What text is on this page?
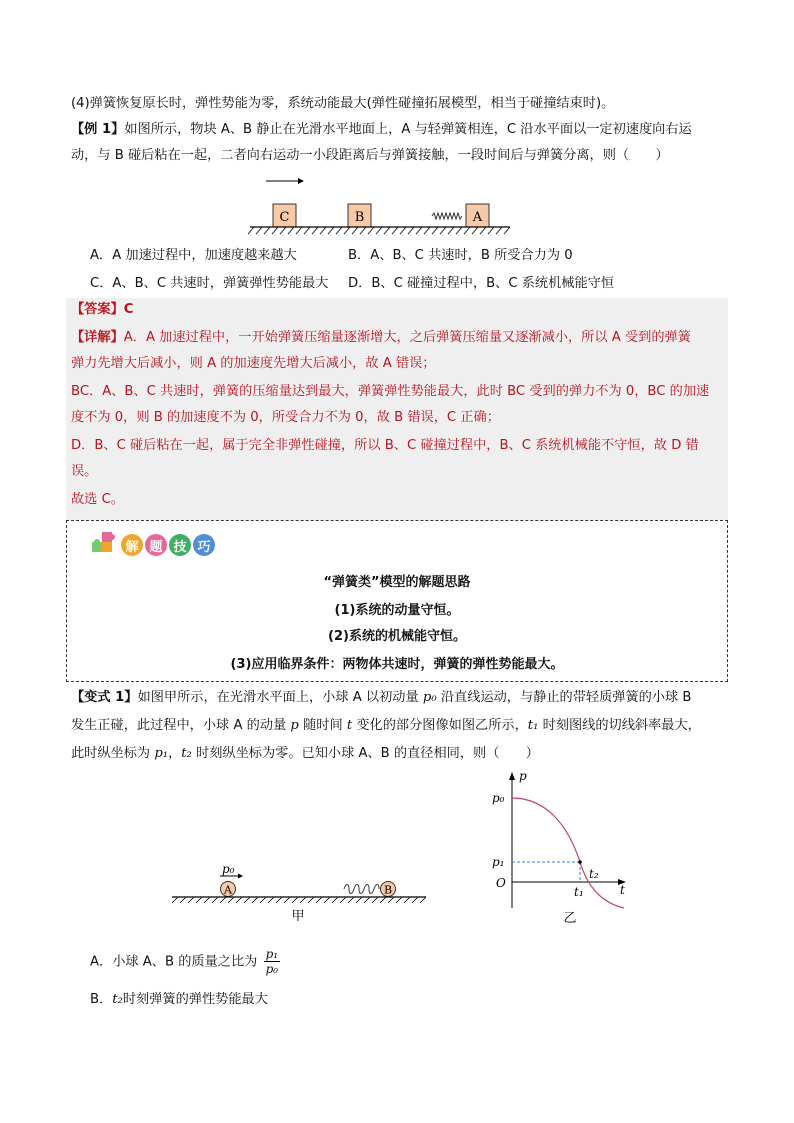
(4)弹簧恢复原长时，弹性势能为零，系统动能最大(弹性碰撞拓展模型，相当于碰撞结束时)。
【例 1】如图所示，物块 A、B 静止在光滑水平地面上，A 与轻弹簧相连，C 沿水平面以一定初速度向右运
动，与 B 碰后粘在一起，二者向右运动一小段距离后与弹簧接触，一段时间后与弹簧分离，则（　　）
C	B	A
A．A 加速过程中，加速度越来越大	B．A、B、C 共速时，B 所受合力为 0
C．A、B、C 共速时，弹簧弹性势能最大 D．B、C 碰撞过程中，B、C 系统机械能守恒
【答案】C
【详解】A．A 加速过程中，一开始弹簧压缩量逐渐增大，之后弹簧压缩量又逐渐减小，所以 A 受到的弹簧
弹力先增大后减小，则 A 的加速度先增大后减小，故 A 错误；
BC．A、B、C 共速时，弹簧的压缩量达到最大，弹簧弹性势能最大，此时 BC 受到的弹力不为 0，BC 的加速
度不为 0，则 B 的加速度不为 0，所受合力不为 0，故 B 错误，C 正确；
D．B、C 碰后粘在一起，属于完全非弹性碰撞，所以 B、C 碰撞过程中，B、C 系统机械能不守恒，故 D 错
误。
故选 C。
解 题 技 巧
“弹簧类”模型的解题思路
(1)系统的动量守恒。
(2)系统的机械能守恒。
(3)应用临界条件：两物体共速时，弹簧的弹性势能最大。
【变式 1】如图甲所示，在光滑水平面上，小球 A 以初动量 p₀ 沿直线运动，与静止的带轻质弹簧的小球 B
发生正碰，此过程中，小球 A 的动量 p 随时间 t 变化的部分图像如图乙所示，t₁ 时刻图线的切线斜率最大，
此时纵坐标为 p₁，t₂ 时刻纵坐标为零。已知小球 A、B 的直径相同，则（　　）
p₀
A	B
甲
p
t
O
p₀
p₁
t₁
t₂
乙
A．小球 A、B 的质量之比为 $\frac{\text{p₁}}{\text{p₀}}$
B．t₂时刻弹簧的弹性势能最大
